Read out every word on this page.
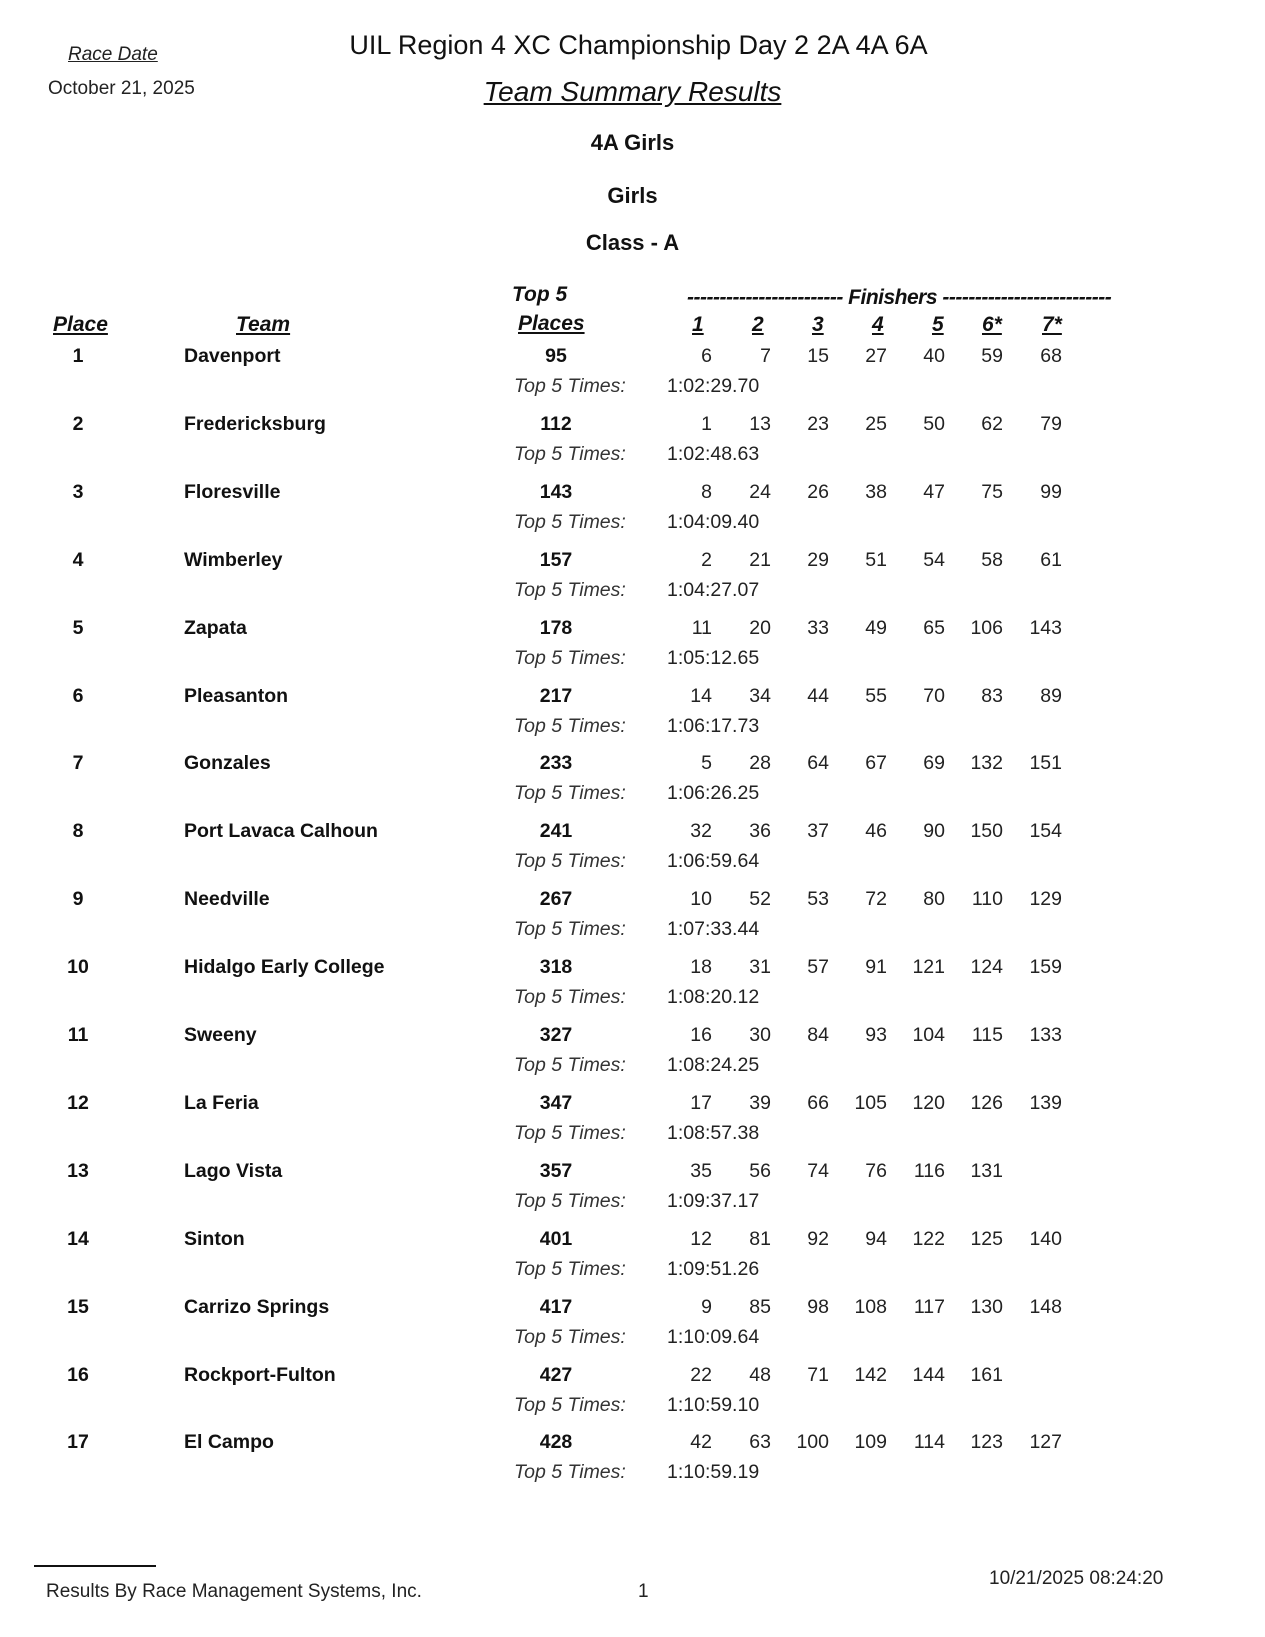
Race Date
October 21, 2025
UIL Region 4 XC Championship Day 2 2A 4A 6A
Team Summary Results
4A Girls
Girls
Class - A
Place	Team
Top 5
Places
------------------------ Finishers --------------------------
1 2 3 4 5 6* 7*
1	Davenport	95	6	7	15	27	40	59	68
Top 5 Times: 1:02:29.70
2	Fredericksburg	112	1	13	23	25	50	62	79
Top 5 Times: 1:02:48.63
3	Floresville	143	8	24	26	38	47	75	99
Top 5 Times: 1:04:09.40
4	Wimberley	157	2	21	29	51	54	58	61
Top 5 Times: 1:04:27.07
5	Zapata	178	11	20	33	49	65	106	143
Top 5 Times: 1:05:12.65
6	Pleasanton	217	14	34	44	55	70	83	89
Top 5 Times: 1:06:17.73
7	Gonzales	233	5	28	64	67	69	132	151
Top 5 Times: 1:06:26.25
8	Port Lavaca Calhoun	241	32	36	37	46	90	150	154
Top 5 Times: 1:06:59.64
9	Needville	267	10	52	53	72	80	110	129
Top 5 Times: 1:07:33.44
10	Hidalgo Early College	318	18	31	57	91	121	124	159
Top 5 Times: 1:08:20.12
11	Sweeny	327	16	30	84	93	104	115	133
Top 5 Times: 1:08:24.25
12	La Feria	347	17	39	66	105	120	126	139
Top 5 Times: 1:08:57.38
13	Lago Vista	357	35	56	74	76	116	131
Top 5 Times: 1:09:37.17
14	Sinton	401	12	81	92	94	122	125	140
Top 5 Times: 1:09:51.26
15	Carrizo Springs	417	9	85	98	108	117	130	148
Top 5 Times: 1:10:09.64
16	Rockport-Fulton	427	22	48	71	142	144	161
Top 5 Times: 1:10:59.10
17	El Campo	428	42	63	100	109	114	123	127
Top 5 Times: 1:10:59.19
Results By Race Management Systems, Inc.	1
10/21/2025 08:24:20
